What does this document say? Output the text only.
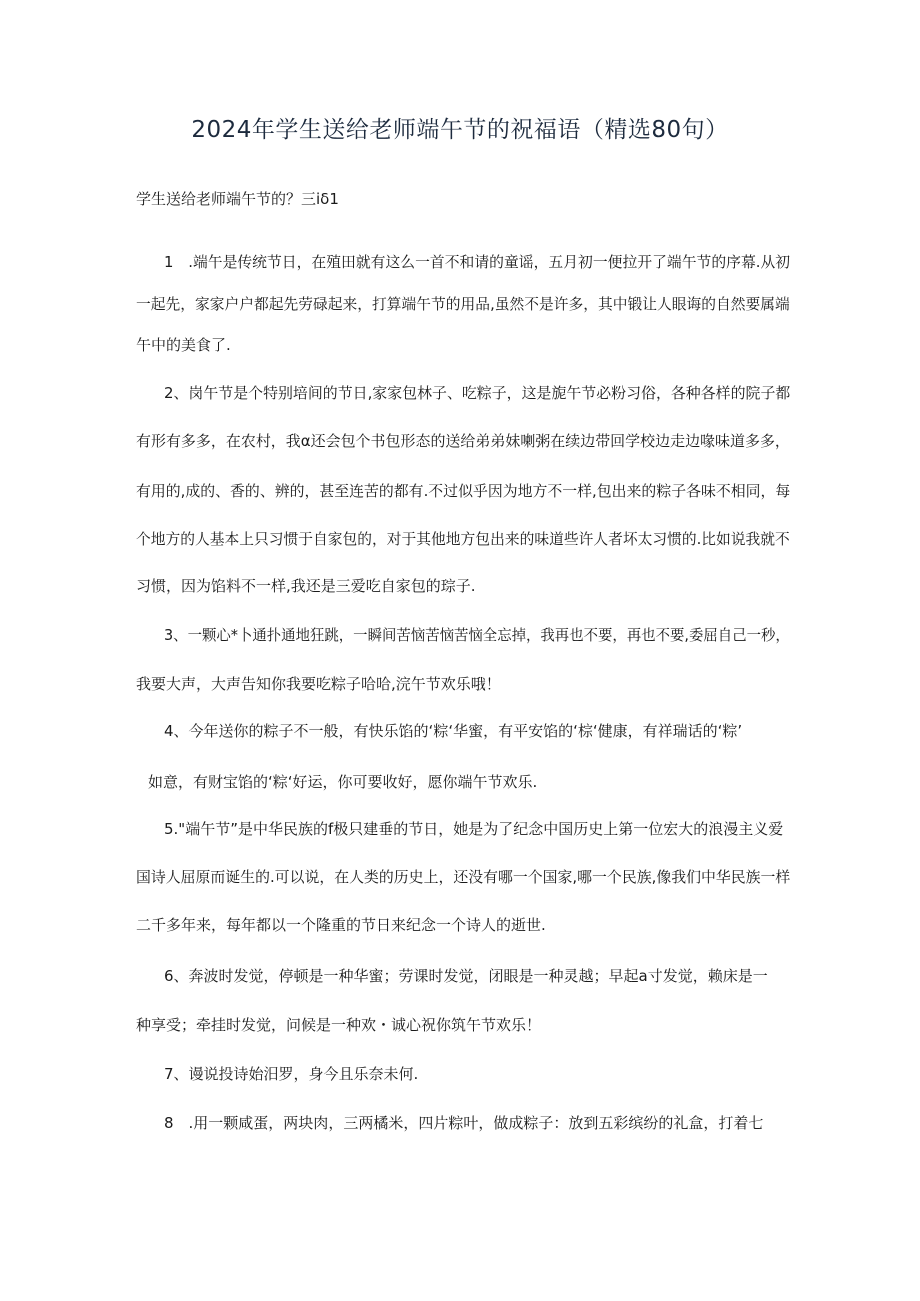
2024年学生送给老师端午节的祝福语（精选80句）
学生送给老师端午节的？三iδ1
1　.端午是传统节日，在殖田就有这么一首不和请的童谣，五月初一便拉开了端午节的序幕.从初
一起先，家家户户都起先劳碌起来，打算端午节的用品,虽然不是许多，其中锻让人眼诲的自然要属端
午中的美食了.
2、岗午节是个特别培间的节日,家家包林子、吃粽子，这是旎午节必粉习俗，各种各样的院子都
有形有多多，在农村，我α还会包个书包形态的送给弟弟妹喇粥在续边带回学校边走边喙味道多多，
有用的,成的、香的、辨的，甚至连苦的都有.不过似乎因为地方不一样,包出来的粽子各味不相同，每
个地方的人基本上只习惯于自家包的，对于其他地方包出来的味道些许人者坏太习惯的.比如说我就不
习惯，因为馅料不一样,我还是三爱吃自家包的琮子.
3、一颗心*卜通扑通地狂跳，一瞬间苦恼苦恼苦恼全忘掉，我再也不要，再也不要,委屈自己一秒，
我要大声，大声告知你我要吃粽子哈哈,浣午节欢乐哦！
4、今年送你的粽子不一般，有快乐馅的‘粽‘华蜜，有平安馅的‘棕‘健康，有祥瑞话的‘粽’
如意，有财宝馅的‘粽‘好运，你可要收好，愿你端午节欢乐.
5."端午节”是中华民族的f极只建垂的节日，她是为了纪念中国历史上第一位宏大的浪漫主义爱
国诗人屈原而诞生的.可以说，在人类的历史上，还没有哪一个国家,哪一个民族,像我们中华民族一样
二千多年来，每年都以一个隆重的节日来纪念一个诗人的逝世.
6、奔波时发觉，停顿是一种华蜜；劳课时发觉，闭眼是一种灵越；早起a寸发觉，赖床是一
种享受；牵挂时发觉，问候是一种欢・诚心祝你筑午节欢乐！
7、谩说投诗始汨罗，身今且乐奈未何.
8　.用一颗咸蛋，两块肉，三两橘米，四片粽叶，做成粽子：放到五彩缤纷的礼盒，打着七
